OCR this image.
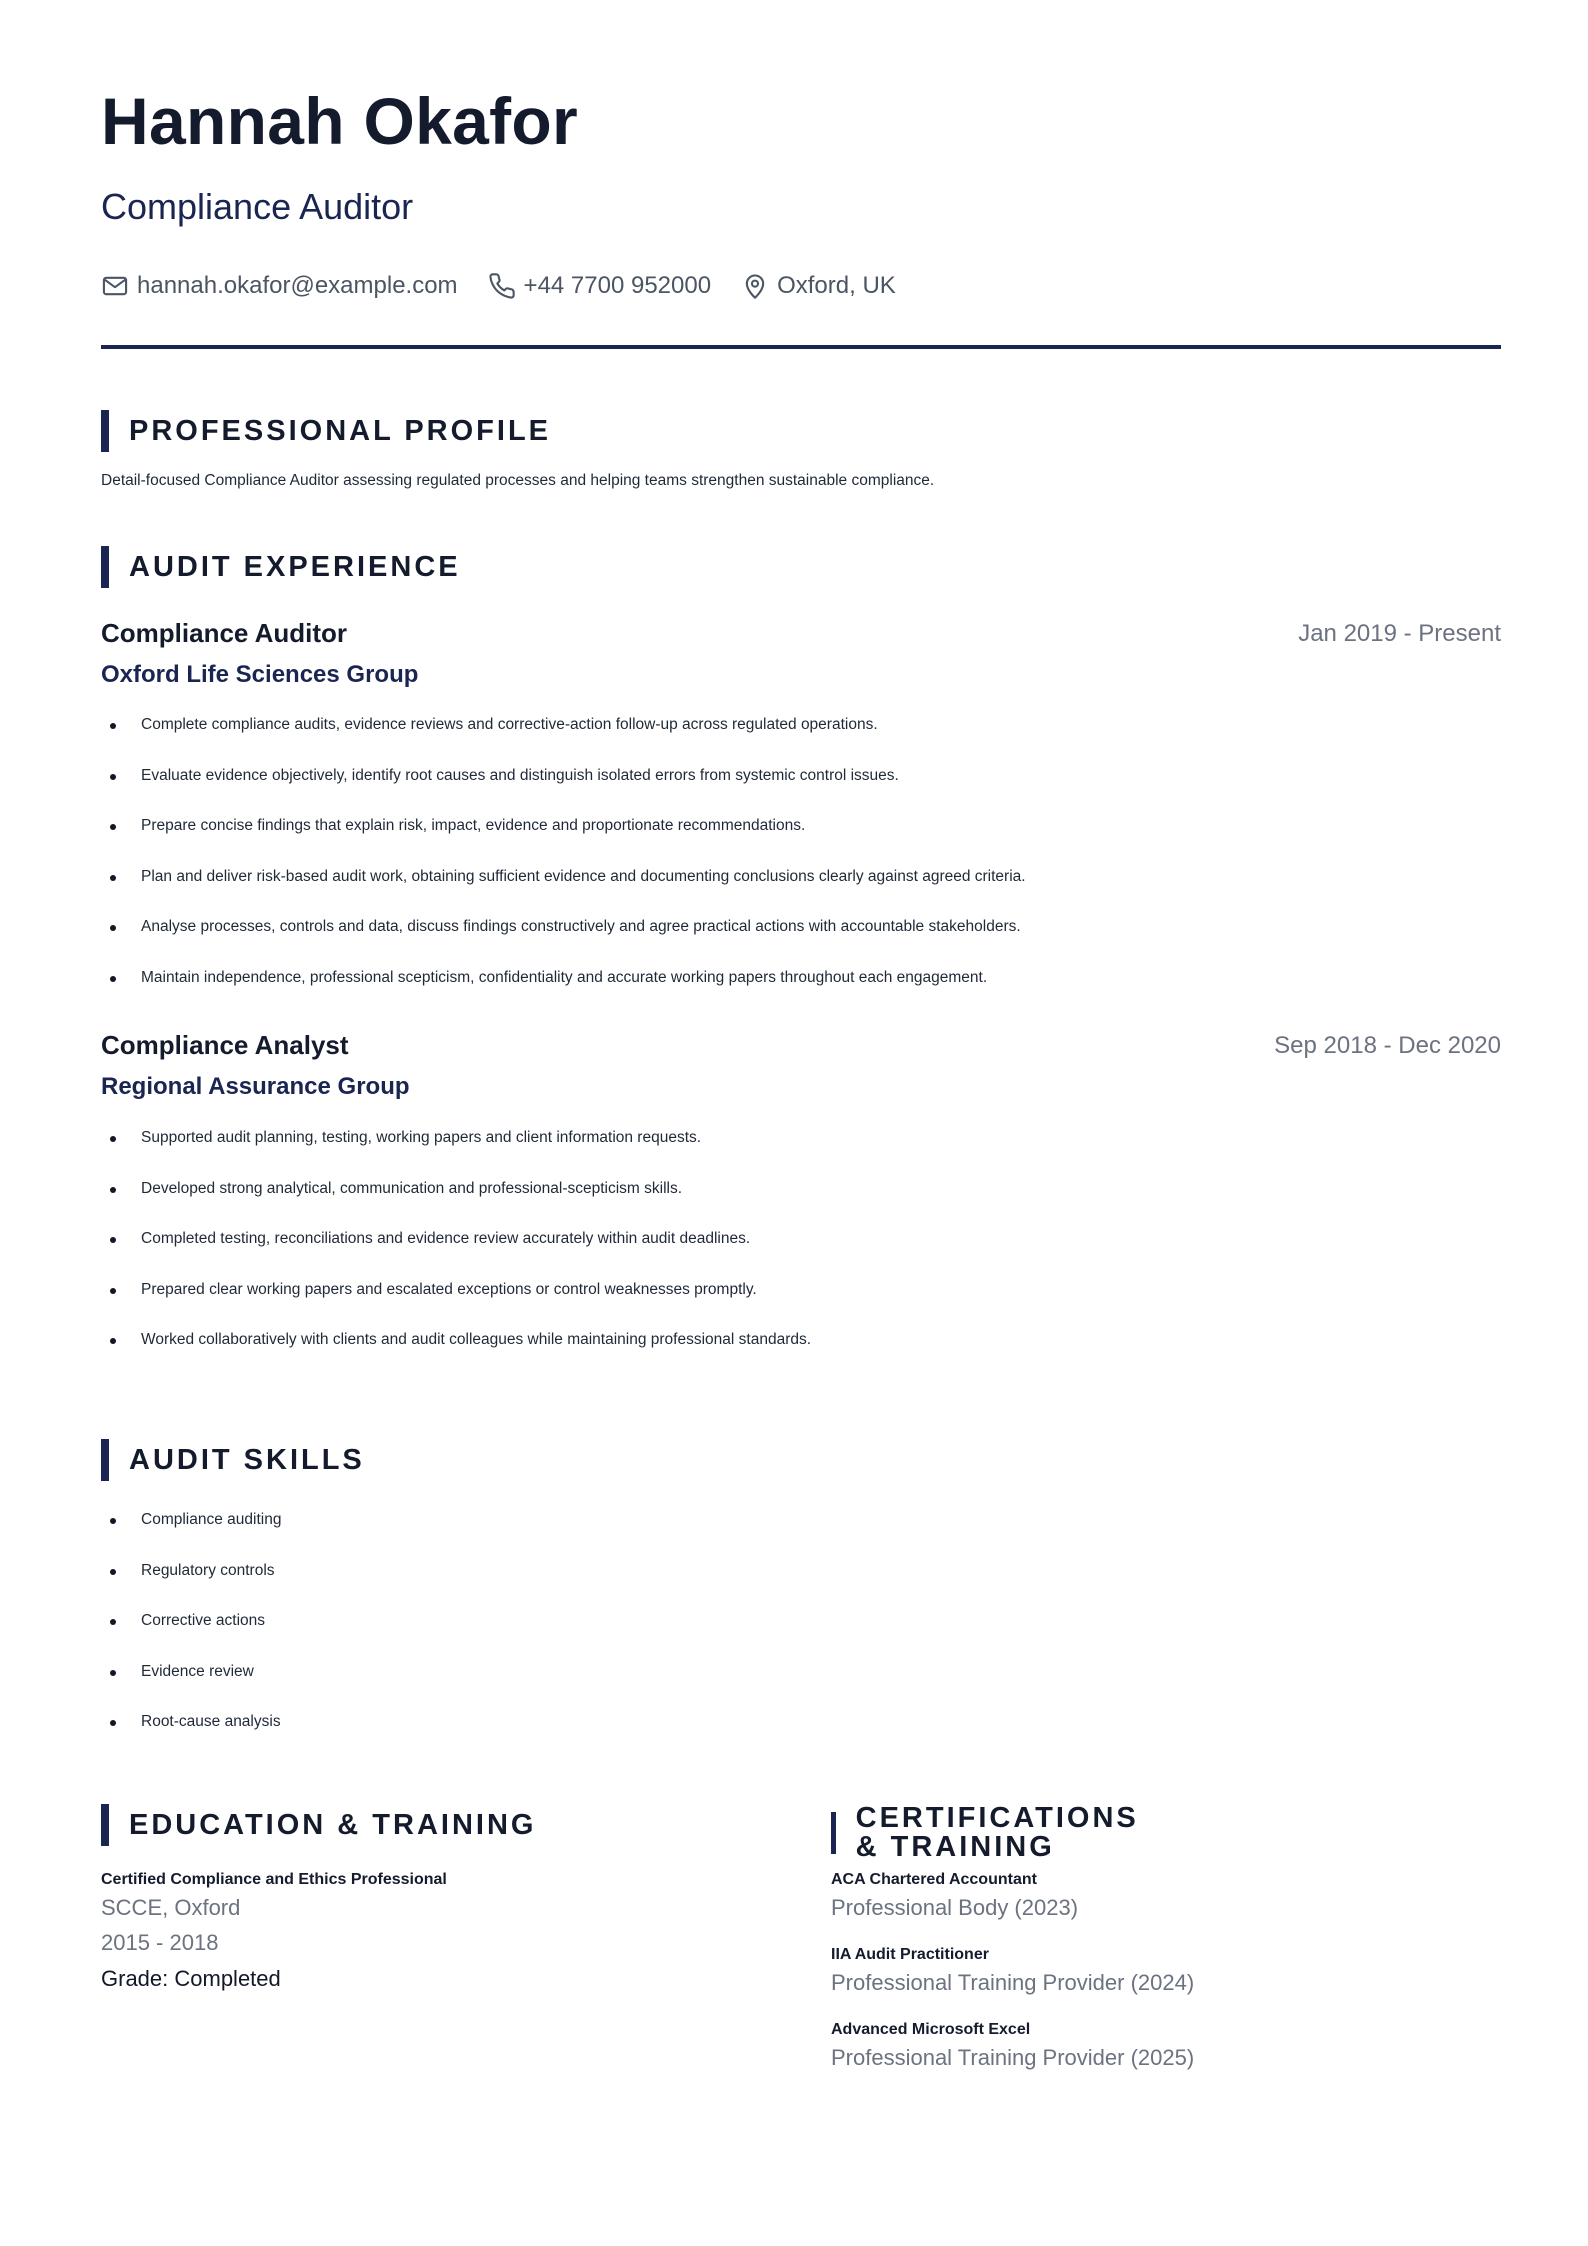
Hannah Okafor
Compliance Auditor
hannah.okafor@example.com	+44 7700 952000	Oxford, UK
PROFESSIONAL PROFILE

Detail-focused Compliance Auditor assessing regulated processes and helping teams strengthen sustainable compliance.

AUDIT EXPERIENCE
Compliance Auditor	Jan 2019 - Present
Oxford Life Sciences Group
Complete compliance audits, evidence reviews and corrective-action follow-up across regulated operations.
Evaluate evidence objectively, identify root causes and distinguish isolated errors from systemic control issues.
Prepare concise findings that explain risk, impact, evidence and proportionate recommendations.
Plan and deliver risk-based audit work, obtaining sufficient evidence and documenting conclusions clearly against agreed criteria.
Analyse processes, controls and data, discuss findings constructively and agree practical actions with accountable stakeholders.
Maintain independence, professional scepticism, confidentiality and accurate working papers throughout each engagement.
Compliance Analyst	Sep 2018 - Dec 2020
Regional Assurance Group
Supported audit planning, testing, working papers and client information requests.
Developed strong analytical, communication and professional-scepticism skills.
Completed testing, reconciliations and evidence review accurately within audit deadlines.
Prepared clear working papers and escalated exceptions or control weaknesses promptly.
Worked collaboratively with clients and audit colleagues while maintaining professional standards.
AUDIT SKILLS
Compliance auditing
Regulatory controls
Corrective actions
Evidence review
Root-cause analysis
EDUCATION & TRAINING
Certified Compliance and Ethics Professional
SCCE, Oxford
2015 - 2018
Grade: Completed
CERTIFICATIONS & TRAINING
ACA Chartered Accountant
Professional Body (2023)
IIA Audit Practitioner
Professional Training Provider (2024)
Advanced Microsoft Excel
Professional Training Provider (2025)
